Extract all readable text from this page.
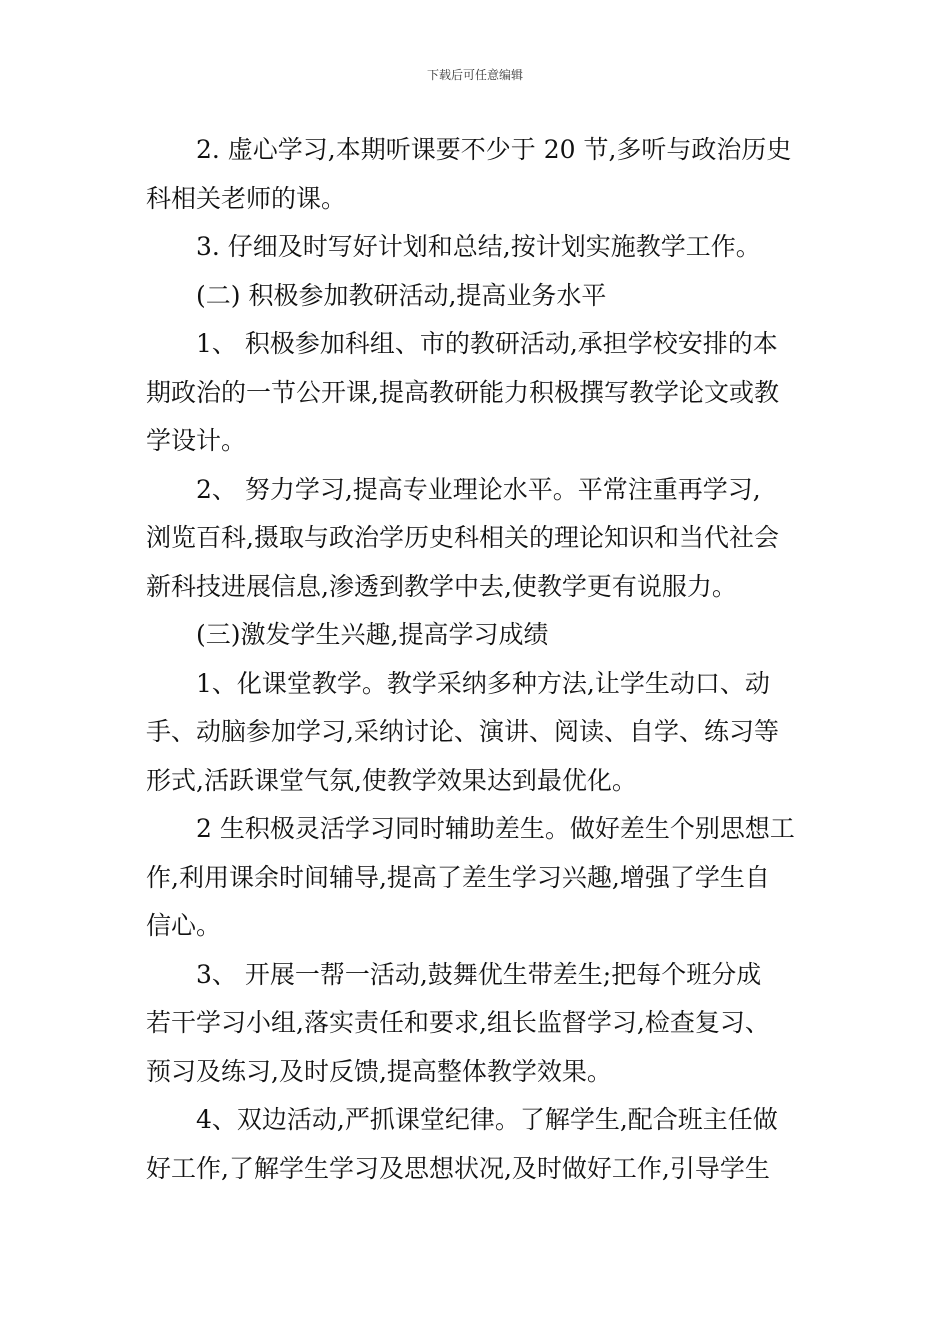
下载后可任意编辑
2. 虚心学习,本期听课要不少于 20 节,多听与政治历史
科相关老师的课。
3. 仔细及时写好计划和总结,按计划实施教学工作。
(二) 积极参加教研活动,提高业务水平
1、 积极参加科组、市的教研活动,承担学校安排的本
期政治的一节公开课,提高教研能力积极撰写教学论文或教
学设计。
2、 努力学习,提高专业理论水平。平常注重再学习,
浏览百科,摄取与政治学历史科相关的理论知识和当代社会
新科技进展信息,渗透到教学中去,使教学更有说服力。
(三)激发学生兴趣,提高学习成绩
1、化课堂教学。教学采纳多种方法,让学生动口、动
手、动脑参加学习,采纳讨论、演讲、阅读、自学、练习等
形式,活跃课堂气氛,使教学效果达到最优化。
2 生积极灵活学习同时辅助差生。做好差生个别思想工
作,利用课余时间辅导,提高了差生学习兴趣,增强了学生自
信心。
3、 开展一帮一活动,鼓舞优生带差生;把每个班分成
若干学习小组,落实责任和要求,组长监督学习,检查复习、
预习及练习,及时反馈,提高整体教学效果。
4、双边活动,严抓课堂纪律。了解学生,配合班主任做
好工作,了解学生学习及思想状况,及时做好工作,引导学生
